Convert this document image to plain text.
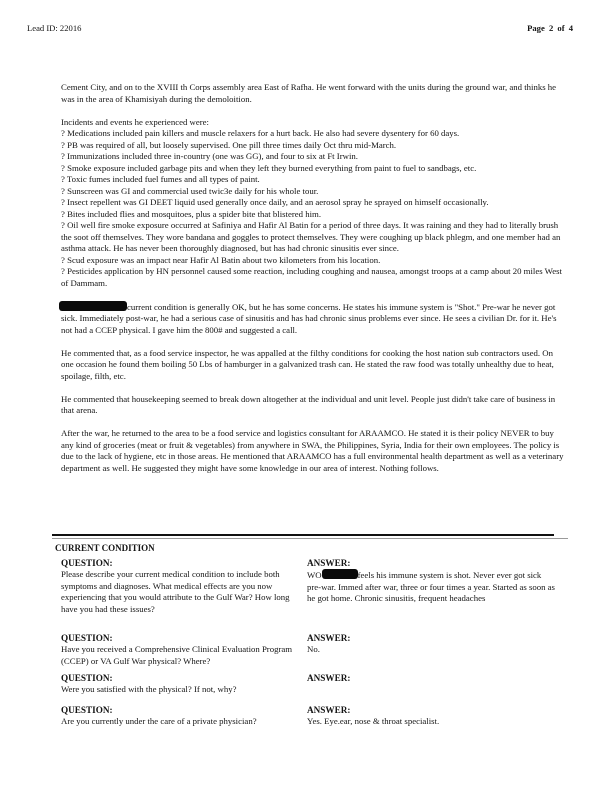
Lead ID: 22016	Page 2 of 4

Cement City, and on to the XVIII th Corps assembly area East of Rafha. He went forward with the units during the ground war, and thinks he was in the area of Khamisiyah during the demoloition.

Incidents and events he experienced were:

? Medications included pain killers and muscle relaxers for a hurt back. He also had severe dysentery for 60 days.
? PB was required of all, but loosely supervised. One pill three times daily Oct thru mid-March.
? Immunizations included three in-country (one was GG), and four to six at Ft Irwin.
? Smoke exposure included garbage pits and when they left they burned everything from paint to fuel to sandbags, etc.
? Toxic fumes included fuel fumes and all types of paint.
? Sunscreen was GI and commercial used twic3e daily for his whole tour.
? Insect repellent was GI DEET liquid used generally once daily, and an aerosol spray he sprayed on himself occasionally.
? Bites included flies and mosquitoes, plus a spider bite that blistered him.
? Oil well fire smoke exposure occurred at Safiniya and Hafir Al Batin for a period of three days. It was raining and they had to literally brush the soot off themselves. They wore bandana and goggles to protect themselves. They were coughing up black phlegm, and one member had an asthma attack. He has never been thoroughly diagnosed, but has had chronic sinusitis ever since.
? Scud exposure was an impact near Hafir Al Batin about two kilometers from his location.
? Pesticides application by HN personnel caused some reaction, including coughing and nausea, amongst troops at a camp about 20 miles West of Dammam.

current condition is generally OK, but he has some concerns. He states his immune system is "Shot." Pre-war he never got sick. Immediately post-war, he had a serious case of sinusitis and has had chronic sinus problems ever since. He sees a civilian Dr. for it. He's not had a CCEP physical. I gave him the 800# and suggested a call.

He commented that, as a food service inspector, he was appalled at the filthy conditions for cooking the host nation sub contractors used. On one occasion he found them boiling 50 Lbs of hamburger in a galvanized trash can. He stated the raw food was totally unhealthy due to heat, spoilage, filth, etc.

He commented that housekeeping seemed to break down altogether at the individual and unit level. People just didn't take care of business in that arena.

After the war, he returned to the area to be a food service and logistics consultant for ARAAMCO. He stated it is their policy NEVER to buy any kind of groceries (meat or fruit & vegetables) from anywhere in SWA, the Philippines, Syria, India for their own employees. The policy is due to the lack of hygiene, etc in those areas. He mentioned that ARAAMCO has a full environmental health department as well as a veterinary department as well. He suggested they might have some knowledge in our area of interest. Nothing follows.

CURRENT CONDITION
QUESTION:
Please describe your current medical condition to include both symptoms and diagnoses. What medical effects are you now experiencing that you would attribute to the Gulf War? How long have you had these issues?
ANSWER:
WO	feels his immune system is shot. Never ever got sick pre-war. Immed after war, three or four times a year. Started as soon as he got home. Chronic sinusitis, frequent headaches
QUESTION:
Have you received a Comprehensive Clinical Evaluation Program (CCEP) or VA Gulf War physical? Where?
ANSWER:
No.
QUESTION:
Were you satisfied with the physical? If not, why?
ANSWER:
QUESTION:
Are you currently under the care of a private physician?
ANSWER:
Yes. Eye.ear, nose & throat specialist.
